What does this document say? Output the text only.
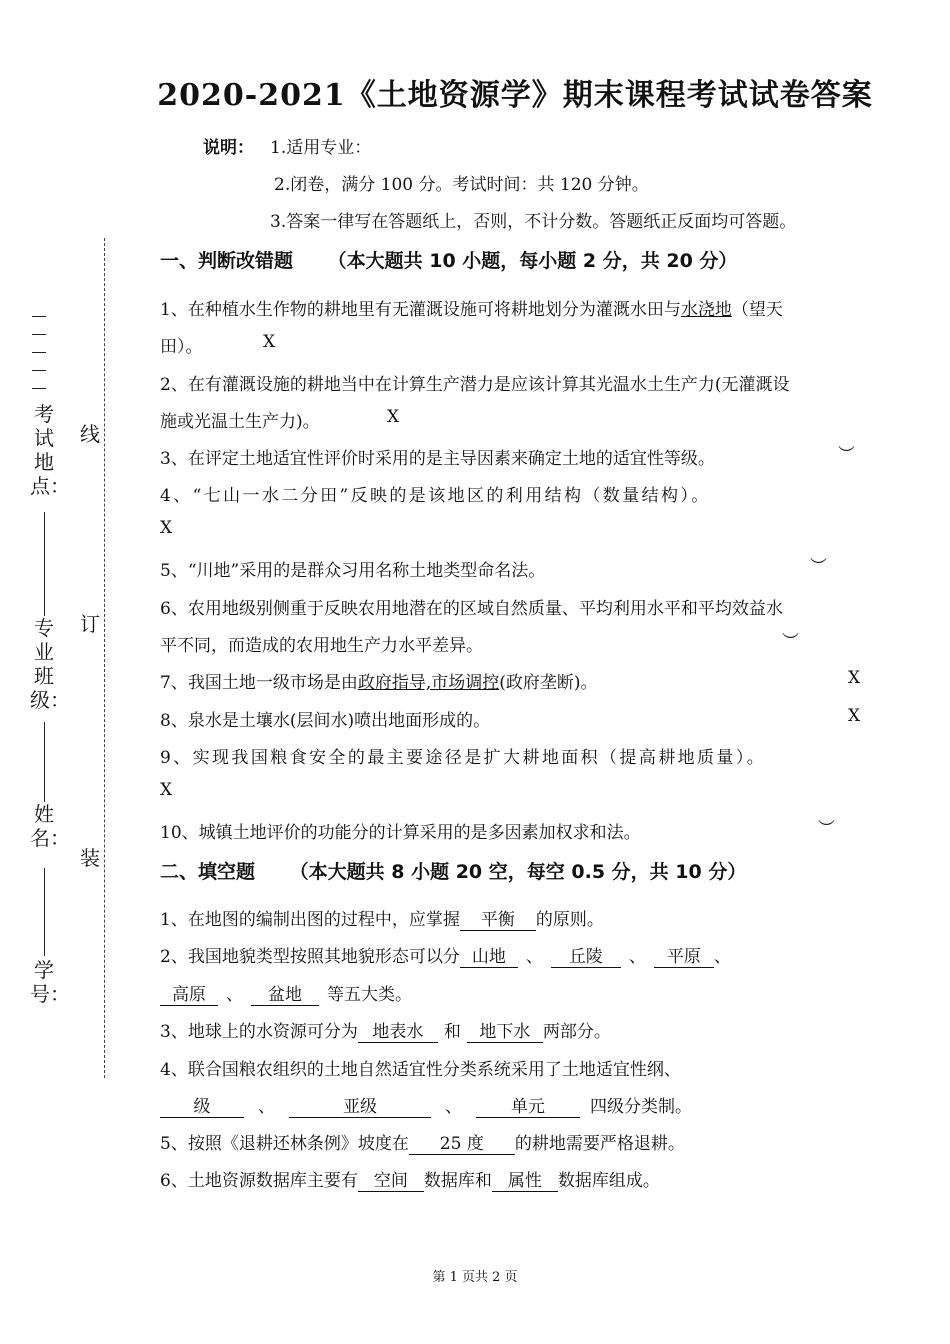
2020-2021《土地资源学》期末课程考试试卷答案
说明： 1.适用专业：
2.闭卷，满分 100 分。考试时间：共 120 分钟。
3.答案一律写在答题纸上，否则，不计分数。答题纸正反面均可答题。
线
订
装
考试地点：
专业班级：
姓名：
学号：
一、判断改错题 （本大题共 10 小题，每小题 2 分，共 20 分）
1、在种植水生作物的耕地里有无灌溉设施可将耕地划分为灌溉水田与水浇地（望天
田）。	X
2、在有灌溉设施的耕地当中在计算生产潜力是应该计算其光温水土生产力(无灌溉设
施或光温土生产力)。	X
3、在评定土地适宜性评价时采用的是主导因素来确定土地的适宜性等级。	︶
4、“七山一水二分田”反映的是该地区的利用结构（数量结构）。
X
5、“川地”采用的是群众习用名称土地类型命名法。	︶
6、农用地级别侧重于反映农用地潜在的区域自然质量、平均利用水平和平均效益水
平不同，而造成的农用地生产力水平差异。	︶
7、我国土地一级市场是由政府指导,市场调控(政府垄断)。	X
8、泉水是土壤水(层间水)喷出地面形成的。	X
9、实现我国粮食安全的最主要途径是扩大耕地面积（提高耕地质量）。
X
10、城镇土地评价的功能分的计算采用的是多因素加权求和法。	︶
二、填空题 （本大题共 8 小题 20 空，每空 0.5 分，共 10 分）
1、在地图的编制出图的过程中，应掌握 平衡 的原则。
2、我国地貌类型按照其地貌形态可以分 山地 、 丘陵 、 平原 、
高原 、 盆地 等五大类。
3、地球上的水资源可分为 地表水 和 地下水 两部分。
4、联合国粮农组织的土地自然适宜性分类系统采用了土地适宜性纲、
级	、	亚级	、	单元	四级分类制。
5、按照《退耕还林条例》坡度在 25 度 的耕地需要严格退耕。
6、土地资源数据库主要有 空间 数据库和 属性 数据库组成。
第 1 页共 2 页
